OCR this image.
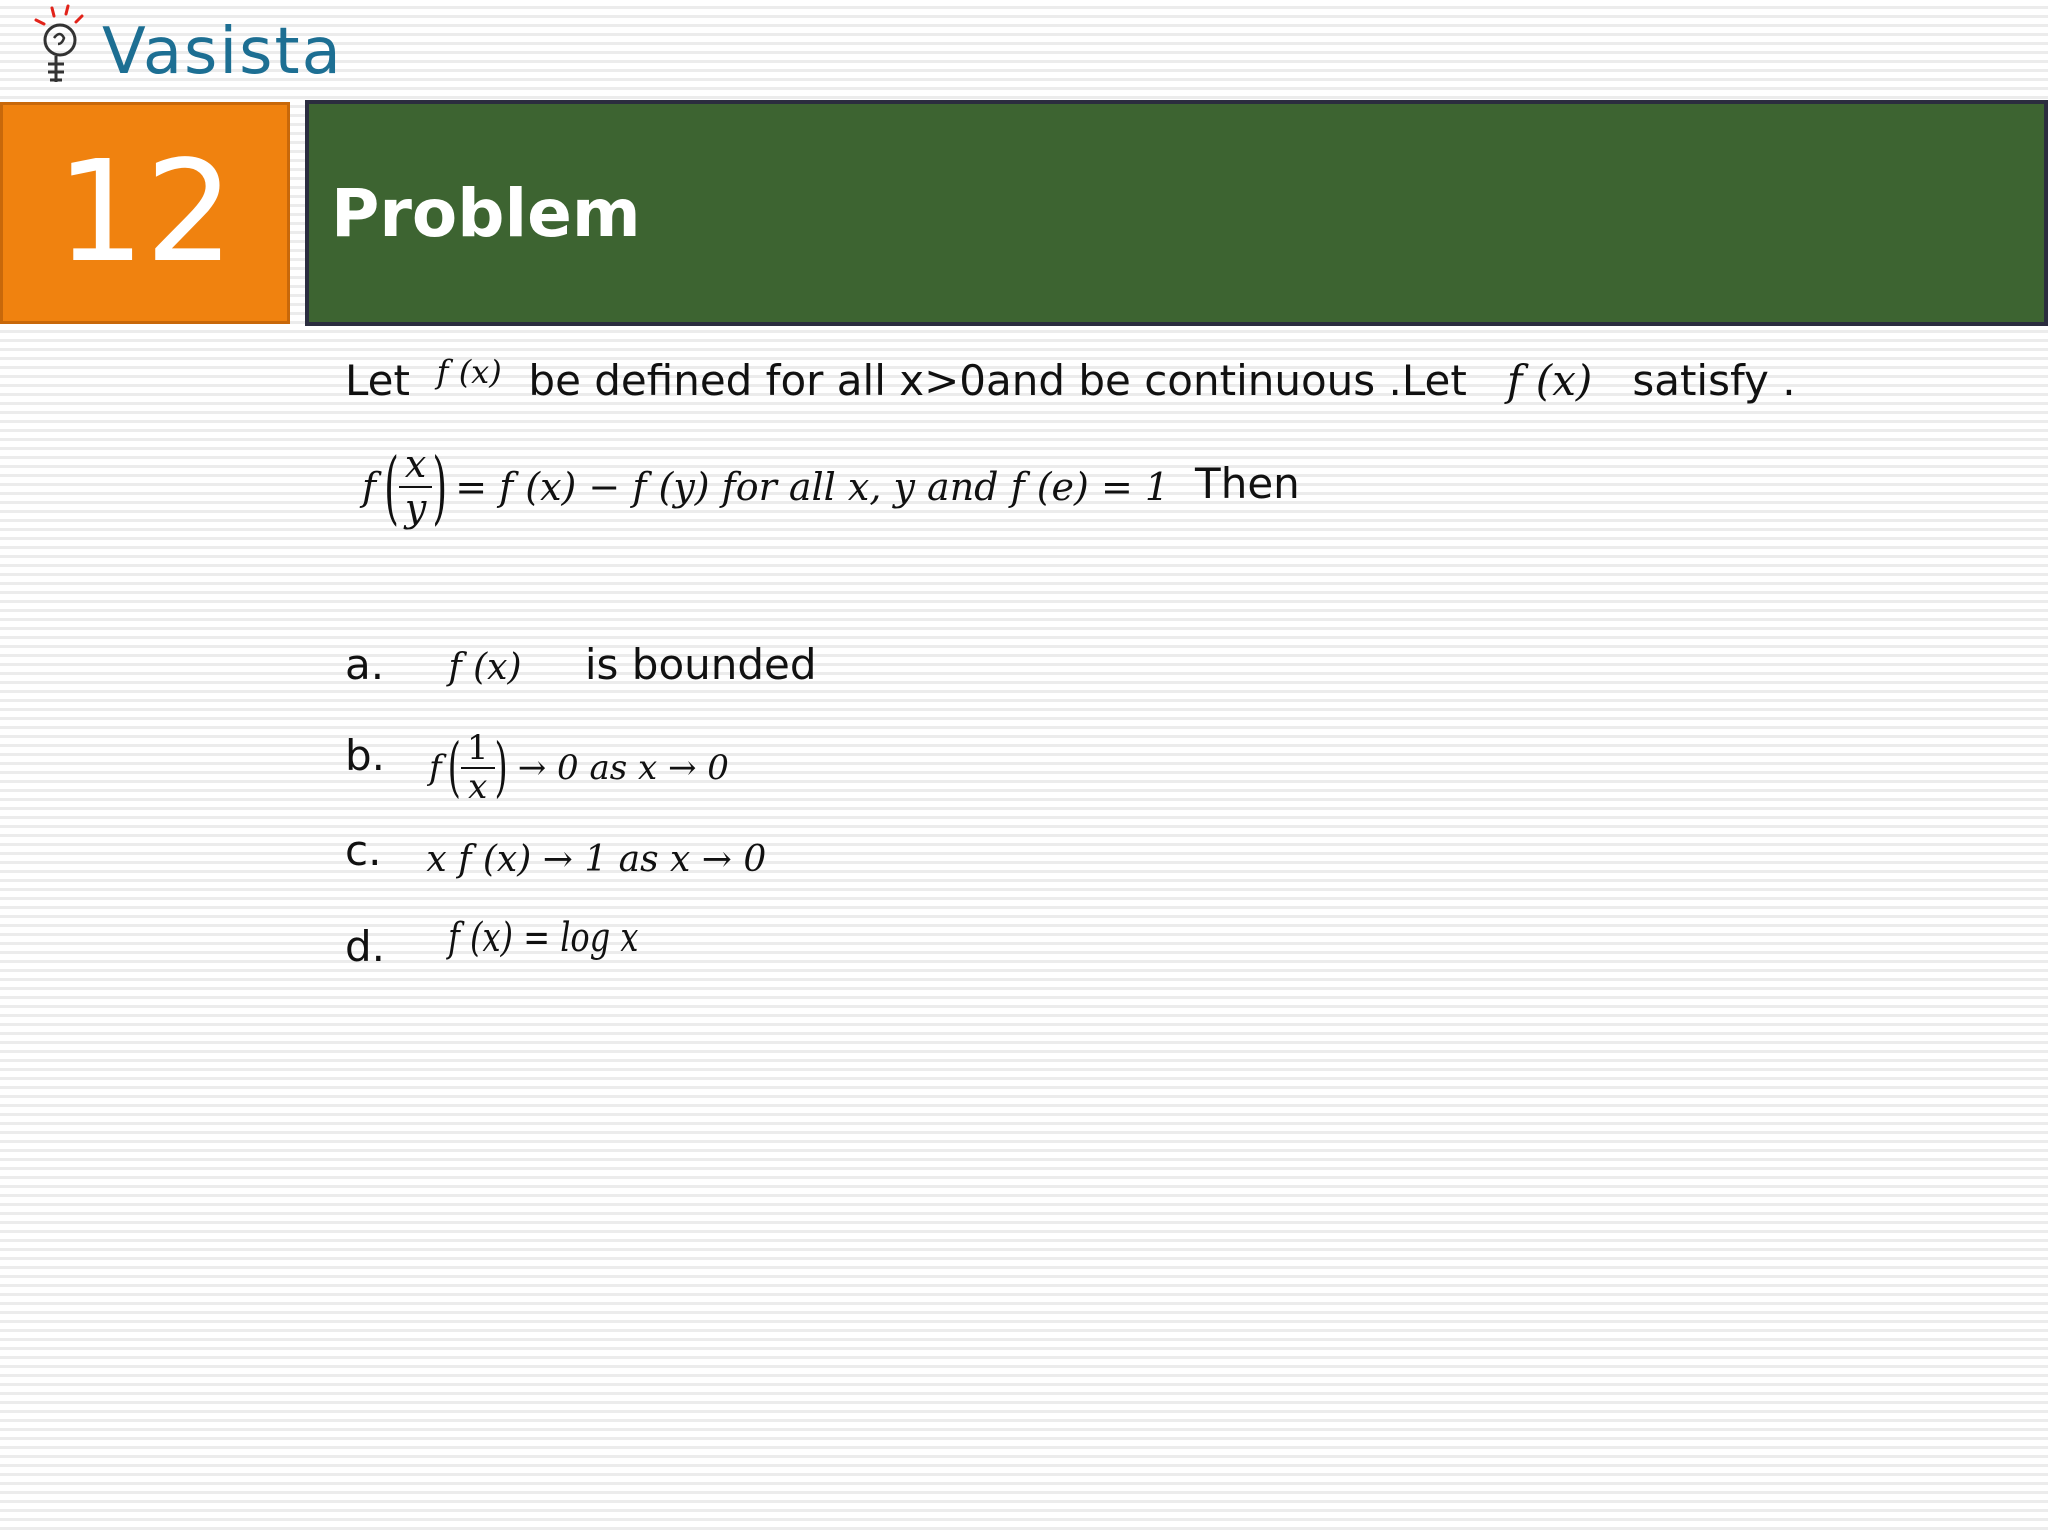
Vasista
12	Problem
Let $^{f (x)}$ be defined for all x>0and be continuous .Let f (x) satisfy .
f ( $\frac{x}{y}$ ) = f (x) − f (y) for all x, y and f (e) = 1 Then
a. f (x) is bounded
b.	f ( $\frac{1}{x}$ ) → 0 as x → 0
c. x f (x) → 1 as x → 0
d. f (x) = log x
